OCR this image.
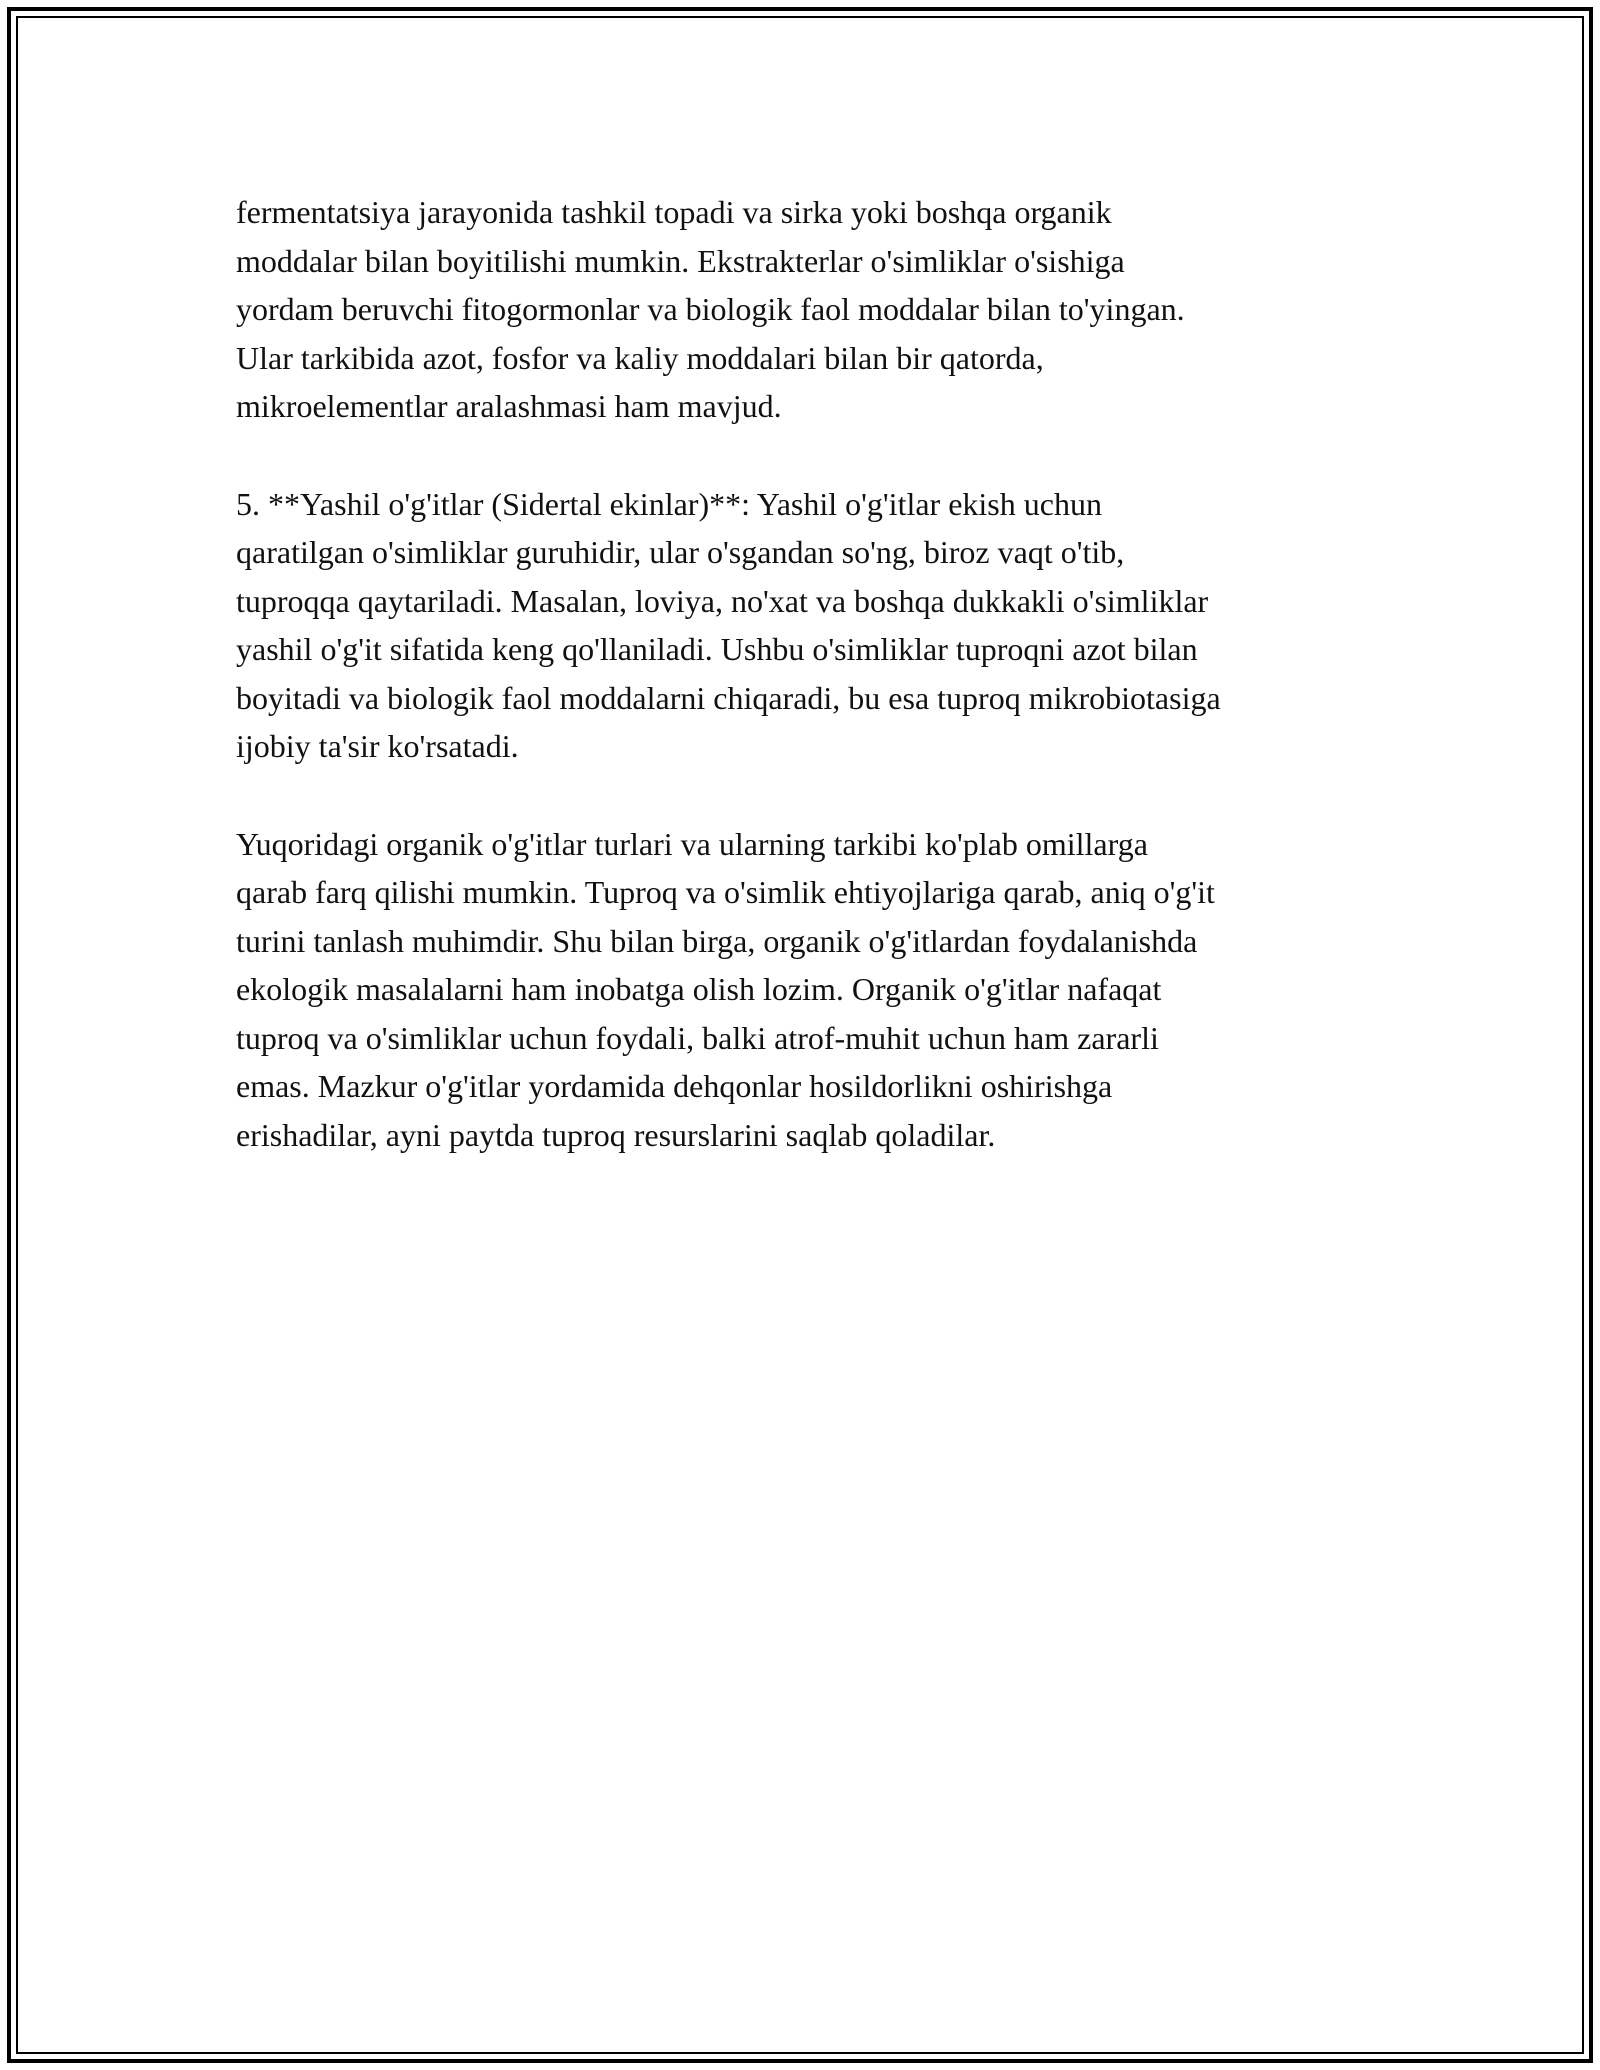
fermentatsiya jarayonida tashkil topadi va sirka yoki boshqa organik
moddalar bilan boyitilishi mumkin. Ekstrakterlar o'simliklar o'sishiga
yordam beruvchi fitogormonlar va biologik faol moddalar bilan to'yingan.
Ular tarkibida azot, fosfor va kaliy moddalari bilan bir qatorda,
mikroelementlar aralashmasi ham mavjud.
5. **Yashil o'g'itlar (Sidertal ekinlar)**: Yashil o'g'itlar ekish uchun
qaratilgan o'simliklar guruhidir, ular o'sgandan so'ng, biroz vaqt o'tib,
tuproqqa qaytariladi. Masalan, loviya, no'xat va boshqa dukkakli o'simliklar
yashil o'g'it sifatida keng qo'llaniladi. Ushbu o'simliklar tuproqni azot bilan
boyitadi va biologik faol moddalarni chiqaradi, bu esa tuproq mikrobiotasiga
ijobiy ta'sir ko'rsatadi.
Yuqoridagi organik o'g'itlar turlari va ularning tarkibi ko'plab omillarga
qarab farq qilishi mumkin. Tuproq va o'simlik ehtiyojlariga qarab, aniq o'g'it
turini tanlash muhimdir. Shu bilan birga, organik o'g'itlardan foydalanishda
ekologik masalalarni ham inobatga olish lozim. Organik o'g'itlar nafaqat
tuproq va o'simliklar uchun foydali, balki atrof-muhit uchun ham zararli
emas. Mazkur o'g'itlar yordamida dehqonlar hosildorlikni oshirishga
erishadilar, ayni paytda tuproq resurslarini saqlab qoladilar.
